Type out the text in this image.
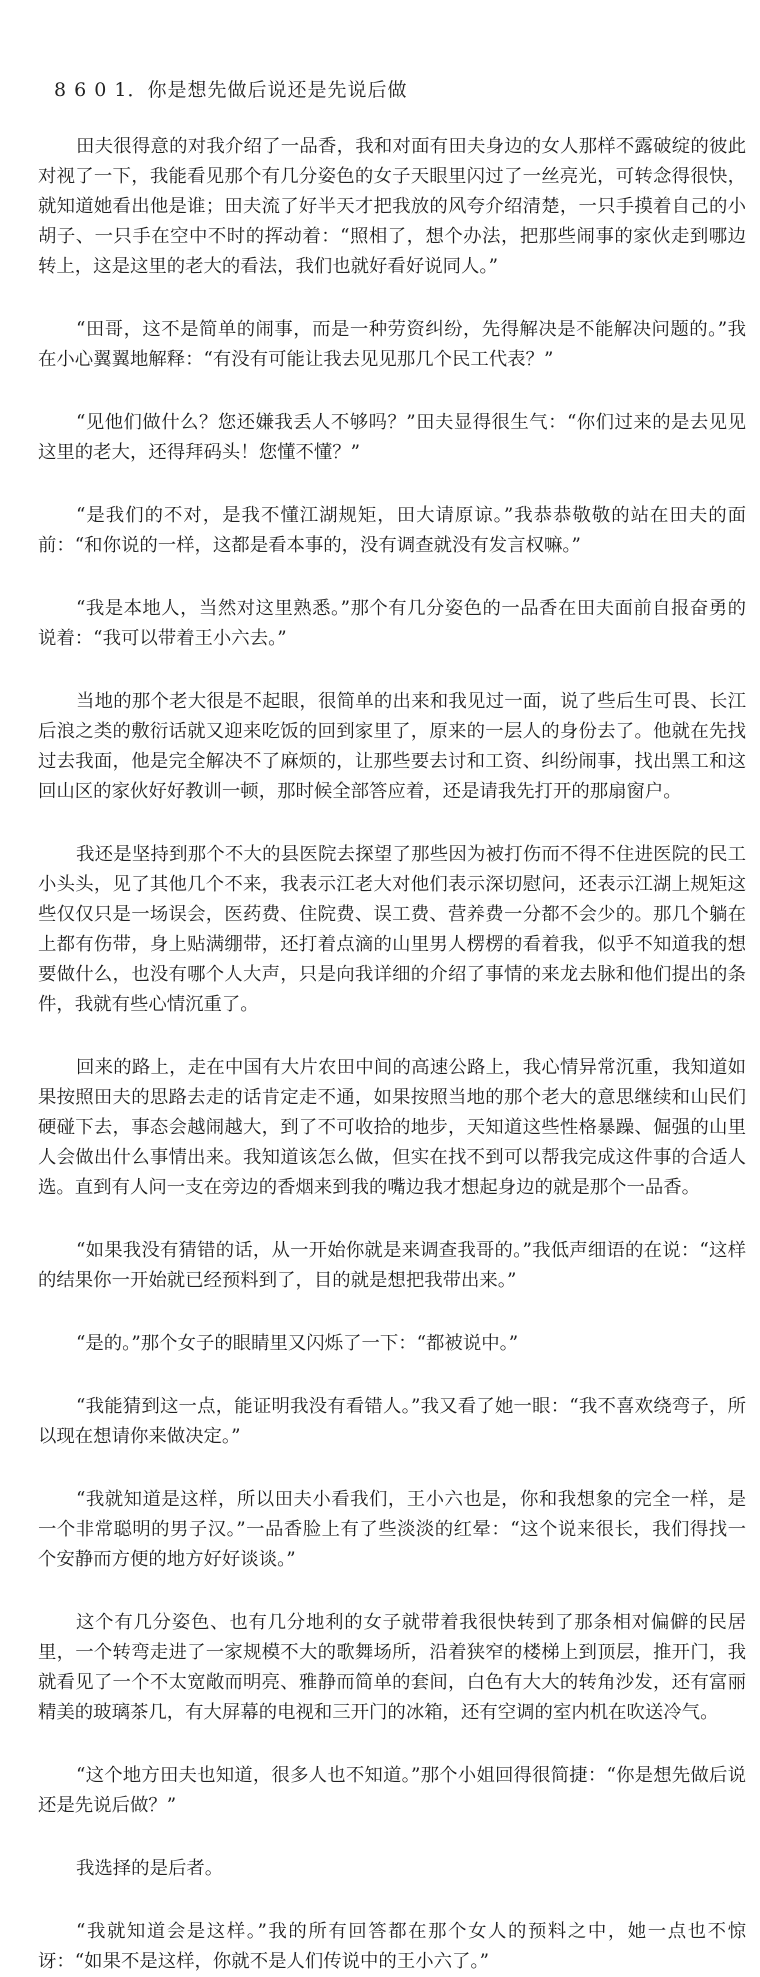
8 6 0 1．你是想先做后说还是先说后做

田夫很得意的对我介绍了一品香，我和对面有田夫身边的女人那样不露破绽的彼此对视了一下，我能看见那个有几分姿色的女子天眼里闪过了一丝亮光，可转念得很快，就知道她看出他是谁；田夫流了好半天才把我放的风夸介绍清楚，一只手摸着自己的小胡子、一只手在空中不时的挥动着：“照相了，想个办法，把那些闹事的家伙走到哪边转上，这是这里的老大的看法，我们也就好看好说同人。”

“田哥，这不是简单的闹事，而是一种劳资纠纷，先得解决是不能解决问题的。”我在小心翼翼地解释：“有没有可能让我去见见那几个民工代表？”

“见他们做什么？您还嫌我丢人不够吗？”田夫显得很生气：“你们过来的是去见见这里的老大，还得拜码头！您懂不懂？”

“是我们的不对，是我不懂江湖规矩，田大请原谅。”我恭恭敬敬的站在田夫的面前：“和你说的一样，这都是看本事的，没有调查就没有发言权嘛。”

“我是本地人，当然对这里熟悉。”那个有几分姿色的一品香在田夫面前自报奋勇的说着：“我可以带着王小六去。”

当地的那个老大很是不起眼，很简单的出来和我见过一面，说了些后生可畏、长江后浪之类的敷衍话就又迎来吃饭的回到家里了，原来的一层人的身份去了。他就在先找过去我面，他是完全解决不了麻烦的，让那些要去讨和工资、纠纷闹事，找出黑工和这回山区的家伙好好教训一顿，那时候全部答应着，还是请我先打开的那扇窗户。

我还是坚持到那个不大的县医院去探望了那些因为被打伤而不得不住进医院的民工小头头，见了其他几个不来，我表示江老大对他们表示深切慰问，还表示江湖上规矩这些仅仅只是一场误会，医药费、住院费、误工费、营养费一分都不会少的。那几个躺在上都有伤带，身上贴满绷带，还打着点滴的山里男人楞楞的看着我，似乎不知道我的想要做什么，也没有哪个人大声，只是向我详细的介绍了事情的来龙去脉和他们提出的条件，我就有些心情沉重了。

回来的路上，走在中国有大片农田中间的高速公路上，我心情异常沉重，我知道如果按照田夫的思路去走的话肯定走不通，如果按照当地的那个老大的意思继续和山民们硬碰下去，事态会越闹越大，到了不可收拾的地步，天知道这些性格暴躁、倔强的山里人会做出什么事情出来。我知道该怎么做，但实在找不到可以帮我完成这件事的合适人选。直到有人问一支在旁边的香烟来到我的嘴边我才想起身边的就是那个一品香。

“如果我没有猜错的话，从一开始你就是来调查我哥的。”我低声细语的在说：“这样的结果你一开始就已经预料到了，目的就是想把我带出来。”

“是的。”那个女子的眼睛里又闪烁了一下：“都被说中。”

“我能猜到这一点，能证明我没有看错人。”我又看了她一眼：“我不喜欢绕弯子，所以现在想请你来做决定。”

“我就知道是这样，所以田夫小看我们，王小六也是，你和我想象的完全一样，是一个非常聪明的男子汉。”一品香脸上有了些淡淡的红晕：“这个说来很长，我们得找一个安静而方便的地方好好谈谈。”

这个有几分姿色、也有几分地利的女子就带着我很快转到了那条相对偏僻的民居里，一个转弯走进了一家规模不大的歌舞场所，沿着狭窄的楼梯上到顶层，推开门，我就看见了一个不太宽敞而明亮、雅静而简单的套间，白色有大大的转角沙发，还有富丽精美的玻璃茶几，有大屏幕的电视和三开门的冰箱，还有空调的室内机在吹送冷气。

“这个地方田夫也知道，很多人也不知道。”那个小姐回得很简捷：“你是想先做后说还是先说后做？”

我选择的是后者。

“我就知道会是这样。”我的所有回答都在那个女人的预料之中，她一点也不惊讶：“如果不是这样，你就不是人们传说中的王小六了。”
